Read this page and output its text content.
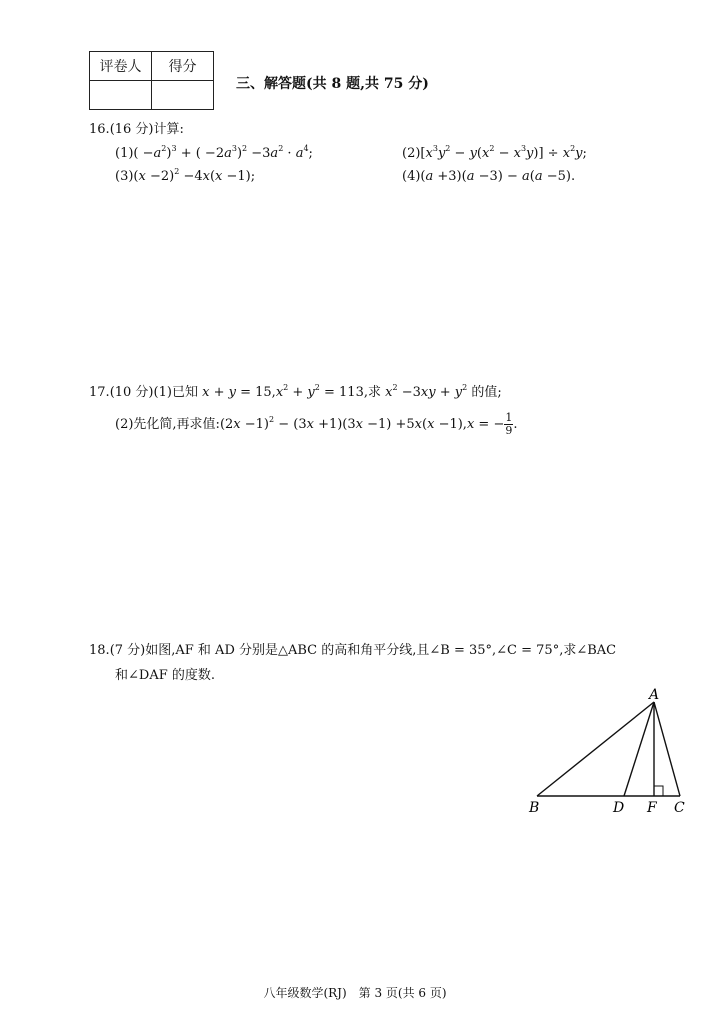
评卷人	得分

三、解答题(共 8 题,共 75 分)
16.(16 分)计算:
$(1)( -a^2)^3$ + ( $-2a^3)^2 -3a^2 \cdot a^4$;	$(2)[x^3y^2 - y(x^2 - x^3y)] \div x^2y$;
$(3)(x -2)^2 -4x(x -1)$;	(4)(a +3)(a −3) − a(a −5).
17.(10 分)(1)已知 $x + y = 15,x^2 + y^2 = 113$,求 $x^2 -3xy + y^2$ 的值;
(2)先化简,再求值:(2x −1)$^2$ − (3x +1)(3x −1) +5x(x −1),x = − $\frac{1}{9}$ .
18.(7 分)如图,AF 和 AD 分别是△ABC 的高和角平分线,且∠B = 35°,∠C = 75°,求∠BAC
和∠DAF 的度数.
A
B	D F C
八年级数学(RJ)　第 3 页(共 6 页)
